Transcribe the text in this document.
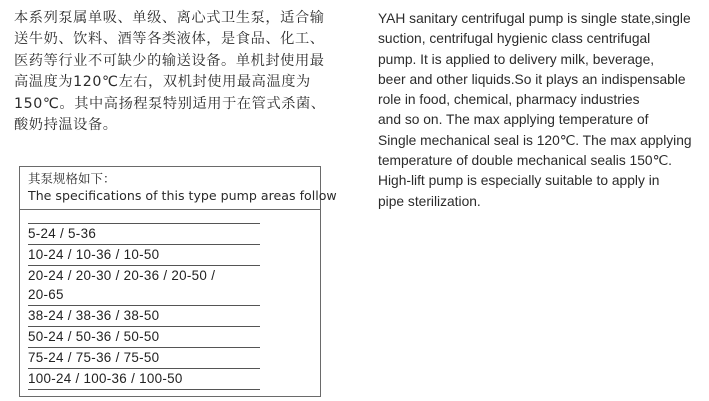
本系列泵属单吸、单级、离心式卫生泵，适合输送牛奶、饮料、酒等各类液体，是食品、化工、医药等行业不可缺少的输送设备。单机封使用最高温度为120℃左右，双机封使用最高温度为150℃。其中高扬程泵特别适用于在管式杀菌、酸奶持温设备。

YAH sanitary centrifugal pump is single state,single
suction, centrifugal hygienic class centrifugal
pump. It is applied to delivery milk, beverage,
beer and other liquids.So it plays an indispensable
role in food, chemical, pharmacy industries
and so on. The max applying temperature of
Single mechanical seal is 120℃. The max applying
temperature of double mechanical sealis 150℃.
High-lift pump is especially suitable to apply in
pipe sterilization.

其泵规格如下：

The specifications of this type pump areas follow

5-24 / 5-36
10-24 / 10-36 / 10-50
20-24 / 20-30 / 20-36 / 20-50 /
20-65
38-24 / 38-36 / 38-50
50-24 / 50-36 / 50-50
75-24 / 75-36 / 75-50
100-24 / 100-36 / 100-50
